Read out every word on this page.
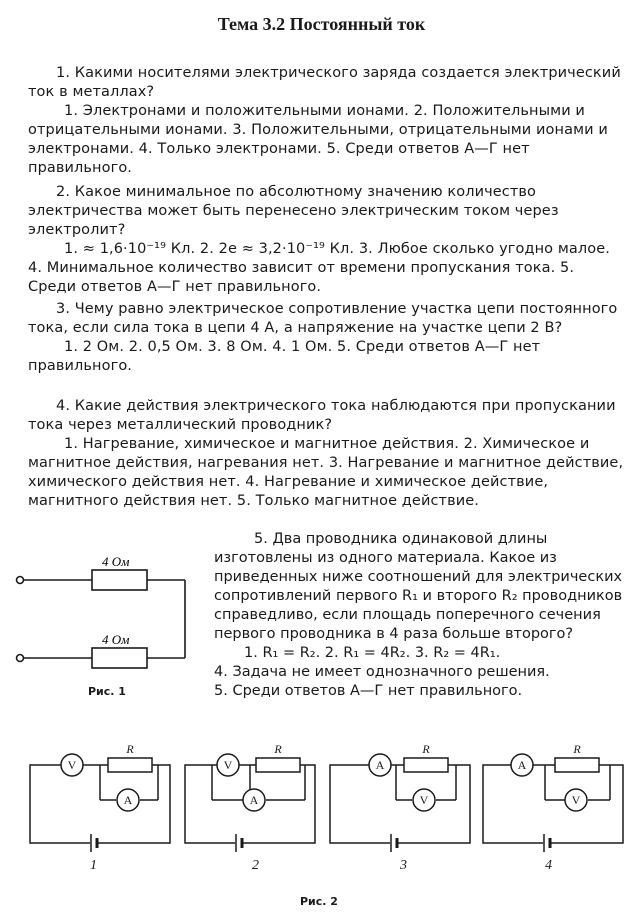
Тема 3.2 Постоянный ток

1. Какими носителями электрического заряда создается электрический ток в металлах?

1. Электронами и положительными ионами. 2. Положительными и отрицательными ионами. 3. Положительными, отрицательными ионами и электронами. 4. Только электронами. 5. Среди ответов А—Г нет правильного.

2. Какое минимальное по абсолютному значению количество электричества может быть перенесено электрическим током через электролит?

1. ≈ 1,6·10⁻¹⁹ Кл. 2. 2e ≈ 3,2·10⁻¹⁹ Кл. 3. Любое сколько угодно малое. 4. Минимальное количество зависит от времени пропускания тока. 5. Среди ответов А—Г нет правильного.

3. Чему равно электрическое сопротивление участка цепи постоянного тока, если сила тока в цепи 4 А, а напряжение на участке цепи 2 В?

1. 2 Ом. 2. 0,5 Ом. 3. 8 Ом. 4. 1 Ом. 5. Среди ответов А—Г нет правильного.

4. Какие действия электрического тока наблюдаются при пропускании тока через металлический проводник?

1. Нагревание, химическое и магнитное действия. 2. Химическое и магнитное действия, нагревания нет. 3. Нагревание и магнитное действие, химического действия нет. 4. Нагревание и химическое действие, магнитного действия нет. 5. Только магнитное действие.

4 Ом
4 Ом
Рис. 1

5. Два проводника одинаковой длины изготовлены из одного материала. Какое из приведенных ниже соотношений для электрических сопротивлений первого R₁ и второго R₂ проводников справедливо, если площадь поперечного сечения первого проводника в 4 раза больше второго?

1. R₁ = R₂. 2. R₁ = 4R₂. 3. R₂ = 4R₁.
4. Задача не имеет однозначного решения.
5. Среди ответов А—Г нет правильного.
V
A
R
V
A
R
A
V
R
A
V
R
1	2	3	4
Рис. 2
